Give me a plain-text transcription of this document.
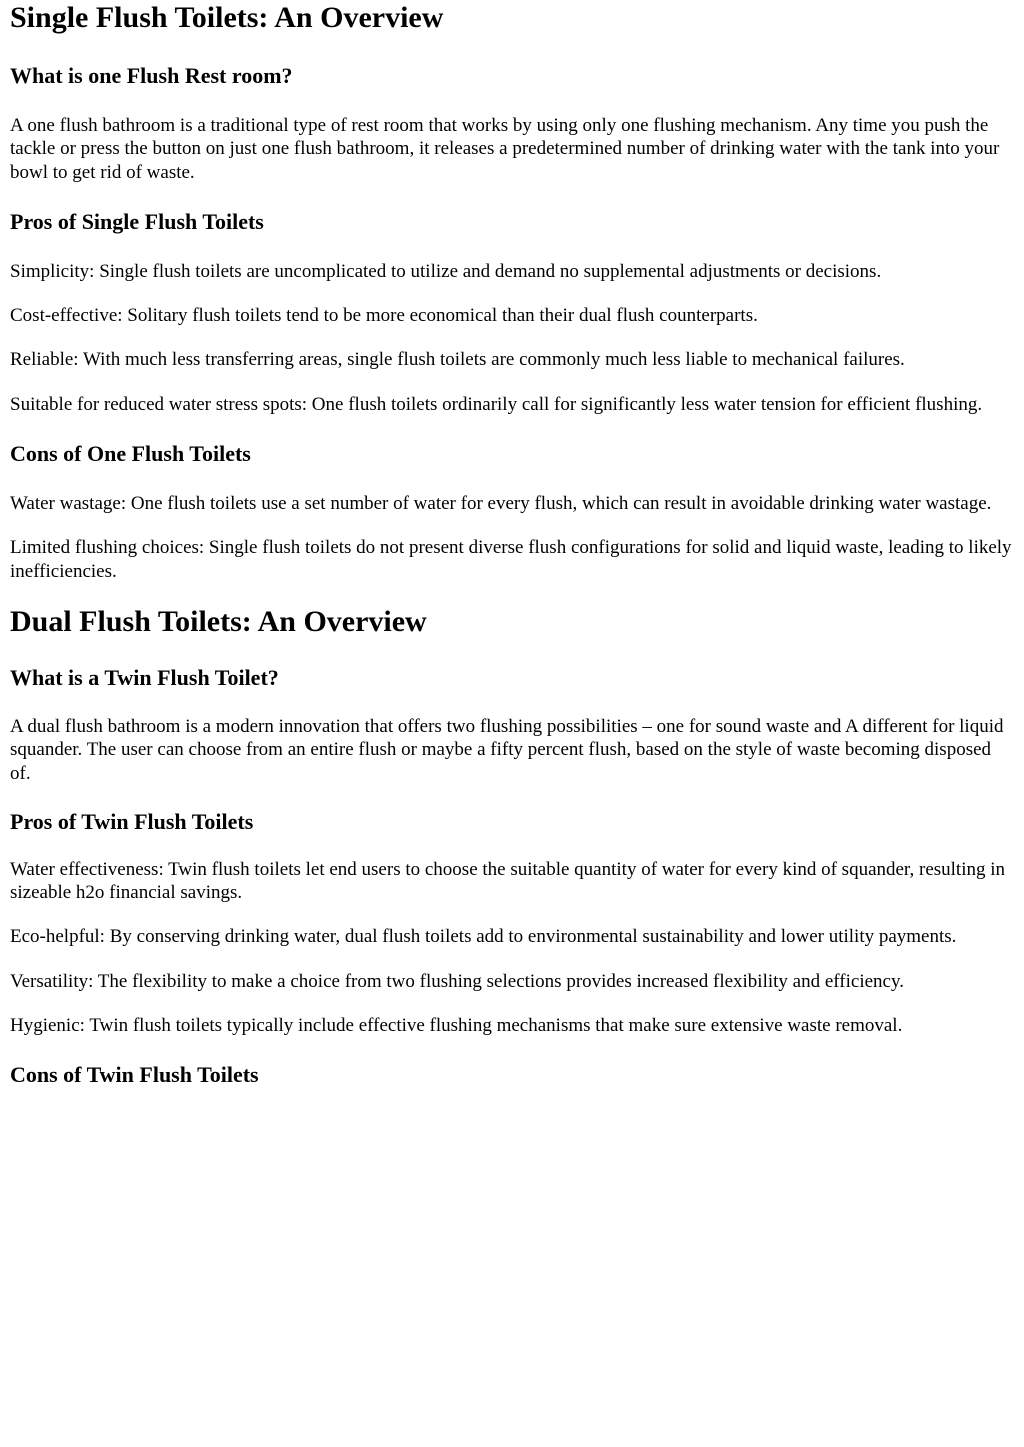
Single Flush Toilets: An Overview
What is one Flush Rest room?

A one flush bathroom is a traditional type of rest room that works by using only one flushing mechanism. Any time you push the tackle or press the button on just one flush bathroom, it releases a predetermined number of drinking water with the tank into your bowl to get rid of waste.

Pros of Single Flush Toilets

Simplicity: Single flush toilets are uncomplicated to utilize and demand no supplemental adjustments or decisions.

Cost-effective: Solitary flush toilets tend to be more economical than their dual flush counterparts.

Reliable: With much less transferring areas, single flush toilets are commonly much less liable to mechanical failures.

Suitable for reduced water stress spots: One flush toilets ordinarily call for significantly less water tension for efficient flushing.

Cons of One Flush Toilets

Water wastage: One flush toilets use a set number of water for every flush, which can result in avoidable drinking water wastage.

Limited flushing choices: Single flush toilets do not present diverse flush configurations for solid and liquid waste, leading to likely inefficiencies.

Dual Flush Toilets: An Overview
What is a Twin Flush Toilet?

A dual flush bathroom is a modern innovation that offers two flushing possibilities – one for sound waste and A different for liquid squander. The user can choose from an entire flush or maybe a fifty percent flush, based on the style of waste becoming disposed of.

Pros of Twin Flush Toilets

Water effectiveness: Twin flush toilets let end users to choose the suitable quantity of water for every kind of squander, resulting in sizeable h2o financial savings.

Eco-helpful: By conserving drinking water, dual flush toilets add to environmental sustainability and lower utility payments.

Versatility: The flexibility to make a choice from two flushing selections provides increased flexibility and efficiency.

Hygienic: Twin flush toilets typically include effective flushing mechanisms that make sure extensive waste removal.

Cons of Twin Flush Toilets
